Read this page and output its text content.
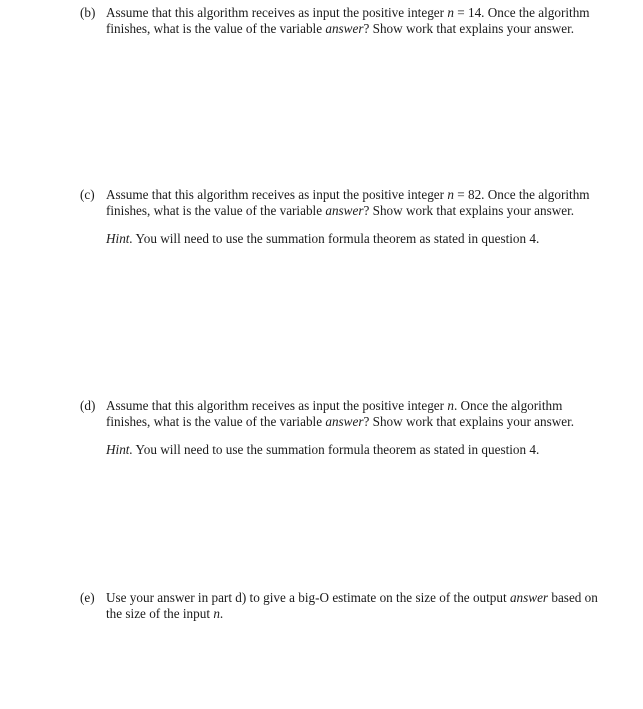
(b) Assume that this algorithm receives as input the positive integer n = 14. Once the algorithm finishes, what is the value of the variable answer? Show work that explains your answer.

(c) Assume that this algorithm receives as input the positive integer n = 82. Once the algorithm finishes, what is the value of the variable answer? Show work that explains your answer.

Hint. You will need to use the summation formula theorem as stated in question 4.

(d) Assume that this algorithm receives as input the positive integer n. Once the algorithm finishes, what is the value of the variable answer? Show work that explains your answer.

Hint. You will need to use the summation formula theorem as stated in question 4.

(e) Use your answer in part d) to give a big-O estimate on the size of the output answer based on the size of the input n.
